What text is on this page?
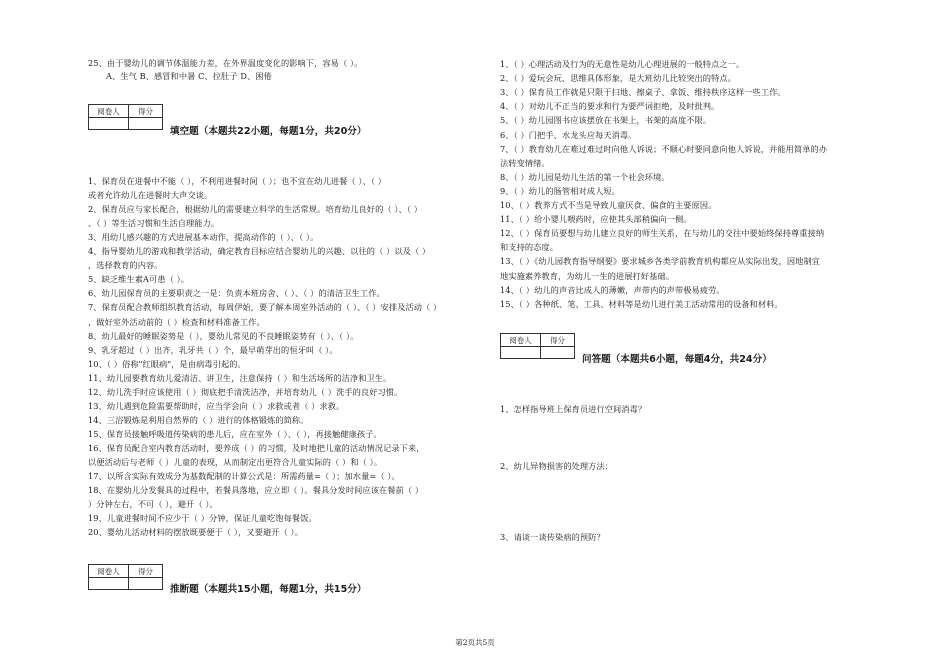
25、由于婴幼儿的调节体温能力差，在外界温度变化的影响下，容易（ ）。
A、生气 B、感冒和中暑 C、拉肚子 D、困倦
阅卷人	得分

填空题（本题共22小题，每题1分，共20分）
1、保育员在进餐中不能（ ），不利用进餐时间（ ）；也不宜在幼儿进餐（ ）、（ ）
或者允许幼儿在进餐时大声交谈。
2、保育员应与家长配合，根据幼儿的需要建立科学的生活常规。培育幼儿良好的（ ）、（ ）
、（ ）等生活习惯和生活自理能力。
3、用幼儿感兴趣的方式进展基本动作，提高动作的（ ）、（ ）。
4、指导婴幼儿的游戏和教学活动，确定教育目标应结合婴幼儿的兴趣、以往的（ ）以及（ ）
，选择教育的内容。
5、缺乏维生素A可患（ ）。
6、幼儿园保育员的主要职责之一是：负责本班房舍、（ ）、（ ）的清洁卫生工作。
7、保育员配合教师组织教育活动，每周伊始，要了解本周室外活动的（ ）、（ ）安排及活动（ ）
，做好室外活动前的（ ）检查和材料准备工作。
8、幼儿最好的睡眠姿势是（ ），婴幼儿常见的不良睡眠姿势有（ ）、（ ）。
9、乳牙超过（ ）出齐，乳牙共（ ）个，最早萌芽出的恒牙叫（ ）。
10、（ ）俗称"红眼病"，是由病毒引起的。
11、幼儿园要教育幼儿爱清洁、讲卫生，注意保持（ ）和生活场所的洁净和卫生。
12、幼儿洗手时应该使用（ ）彻底把手清洗洁净，并培育幼儿（ ）洗手的良好习惯。
13、幼儿遇到危险需要帮助时，应当学会向（ ）求救或者（ ）求救。
14、三浴锻炼是利用自然界的（ ）进行的体格锻炼的简称。
15、保育员接触呼吸道传染病的患儿后，应在室外（ ）、（ ），再接触健康孩子。
16、保育员配合室内教育活动时，要养成（ ）的习惯，及时地把儿童的活动情况记录下来，
以便活动后与老师（ ）儿童的表现，从而制定出更符合儿童实际的（ ）和（ ）。
17、以所含实际有效成分为基数配制的计算公式是：所需药量=（ ）；加水量=（ ）。
18、在婴幼儿分发餐具的过程中，若餐具落地，应立即（ ）。餐具分发时间应该在餐前（ ）
）分钟左右，不可（ ），避开（ ）。
19、儿童进餐时间不应少于（ ）分钟，保证儿童吃饱每餐饭。
20、婴幼儿活动材料的摆放既要便于（ ），又要避开（ ）。
阅卷人	得分

推断题（本题共15小题，每题1分，共15分）
1、（ ）心理活动及行为的无意性是幼儿心理进展的一般特点之一。
2、（ ）爱玩会玩、思维具体形象，是大班幼儿比较突出的特点。
3、（ ）保育员工作就是只限于扫地、擦桌子、拿饭、维持秩序这样一些工作。
4、（ ）对幼儿不正当的要求和行为要严词拒绝，及时批判。
5、（ ）幼儿园图书应该摆放在书架上，书架的高度不限。
6、（ ）门把手、水龙头应每天消毒。
7、（ ）教育幼儿在难过难过时向他人诉说；不顺心时要同意向他人诉说，并能用简单的办
法转变情绪。
8、（ ）幼儿园是幼儿生活的第一个社会环境。
9、（ ）幼儿的肠管相对成人短。
10、（ ）教养方式不当是导致儿童厌食、偏食的主要原因。
11、（ ）给小婴儿喂药时，应使其头部稍偏向一侧。
12、（ ）保育员要想与幼儿建立良好的师生关系，在与幼儿的交往中要始终保持尊重接纳
和支持的态度。
13、（ ）《幼儿园教育指导纲要》要求城乡各类学前教育机构都应从实际出发，因地制宜
地实施素养教育，为幼儿一生的进展打好基础。
14、（ ）幼儿的声音比成人的薄嫩，声带内的声带极易疲劳。
15、（ ）各种纸、笔、工具、材料等是幼儿进行美工活动常用的设备和材料。
阅卷人	得分

问答题（本题共6小题，每题4分，共24分）
1、怎样指导班上保育员进行空间消毒？
2、幼儿异物损害的处理方法：
3、请谈一谈传染病的预防？
第2页共5页
